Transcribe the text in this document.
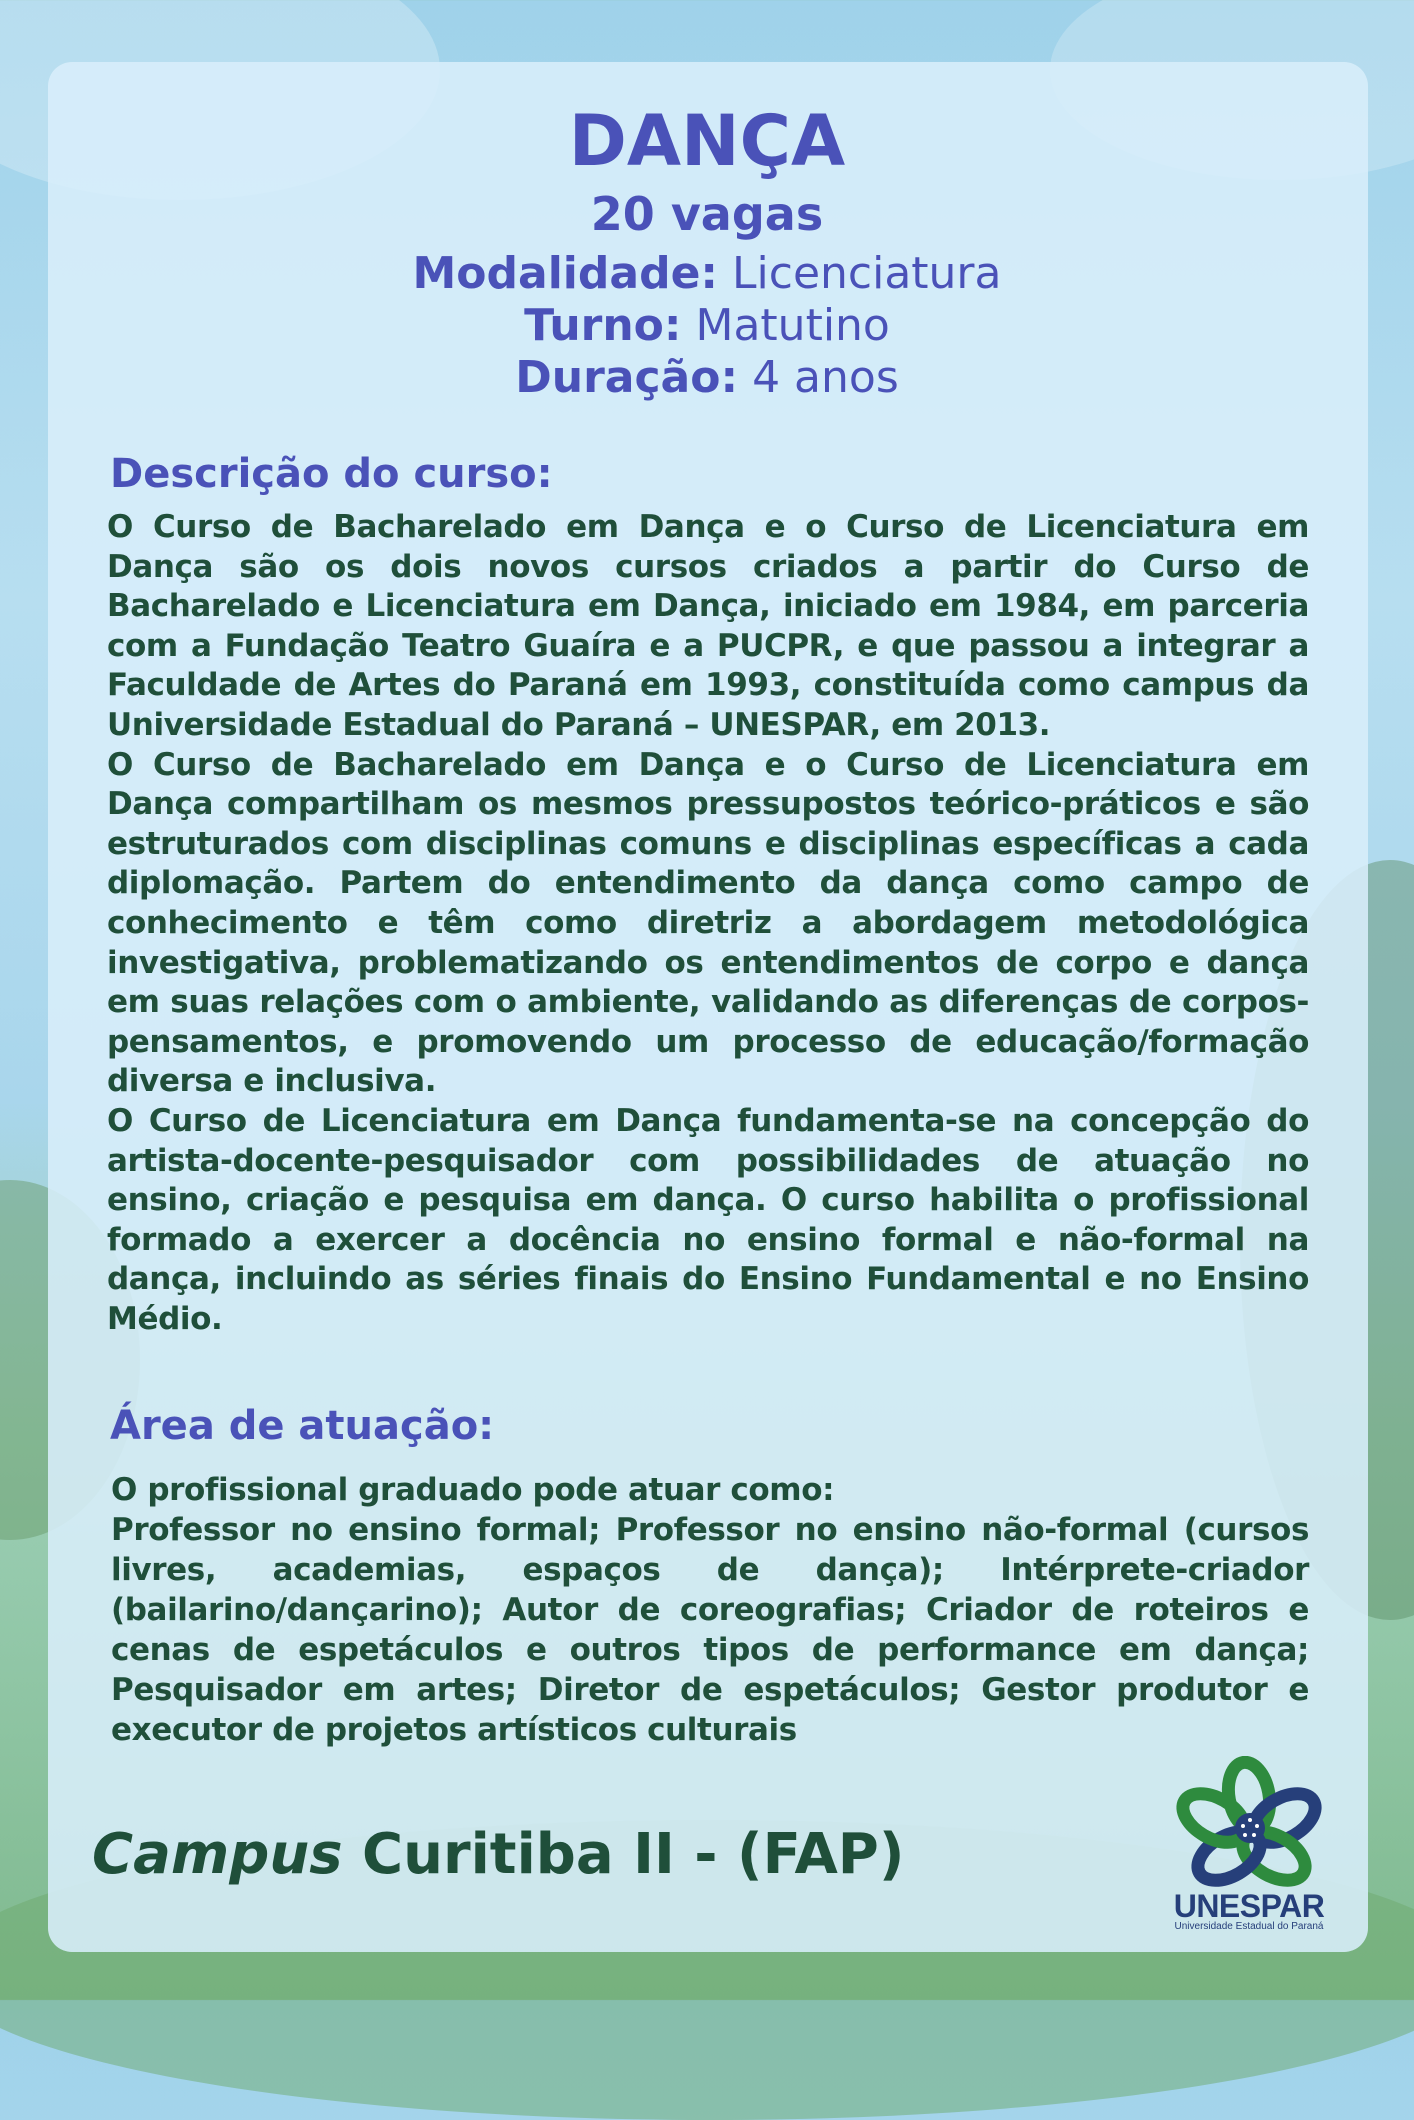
DANÇA
20 vagas
Modalidade: Licenciatura
Turno: Matutino
Duração: 4 anos
Descrição do curso:

O Curso de Bacharelado em Dança e o Curso de Licenciatura em Dança são os dois novos cursos criados a partir do Curso de Bacharelado e Licenciatura em Dança, iniciado em 1984, em parceria com a Fundação Teatro Guaíra e a PUCPR, e que passou a integrar a Faculdade de Artes do Paraná em 1993, constituída como campus da Universidade Estadual do Paraná – UNESPAR, em 2013.

O Curso de Bacharelado em Dança e o Curso de Licenciatura em Dança compartilham os mesmos pressupostos teórico-práticos e são estruturados com disciplinas comuns e disciplinas específicas a cada diplomação. Partem do entendimento da dança como campo de conhecimento e têm como diretriz a abordagem metodológica investigativa, problematizando os entendimentos de corpo e dança em suas relações com o ambiente, validando as diferenças de corpos-pensamentos, e promovendo um processo de educação/formação diversa e inclusiva.

O Curso de Licenciatura em Dança fundamenta-se na concepção do artista-docente-pesquisador com possibilidades de atuação no ensino, criação e pesquisa em dança. O curso habilita o profissional formado a exercer a docência no ensino formal e não-formal na dança, incluindo as séries finais do Ensino Fundamental e no Ensino Médio.

Área de atuação:

O profissional graduado pode atuar como:

Professor no ensino formal; Professor no ensino não-formal (cursos livres, academias, espaços de dança); Intérprete-criador (bailarino/dançarino); Autor de coreografias; Criador de roteiros e cenas de espetáculos e outros tipos de performance em dança; Pesquisador em artes; Diretor de espetáculos; Gestor produtor e executor de projetos artísticos culturais

Campus Curitiba II - (FAP)
UNESPAR
Universidade Estadual do Paraná
